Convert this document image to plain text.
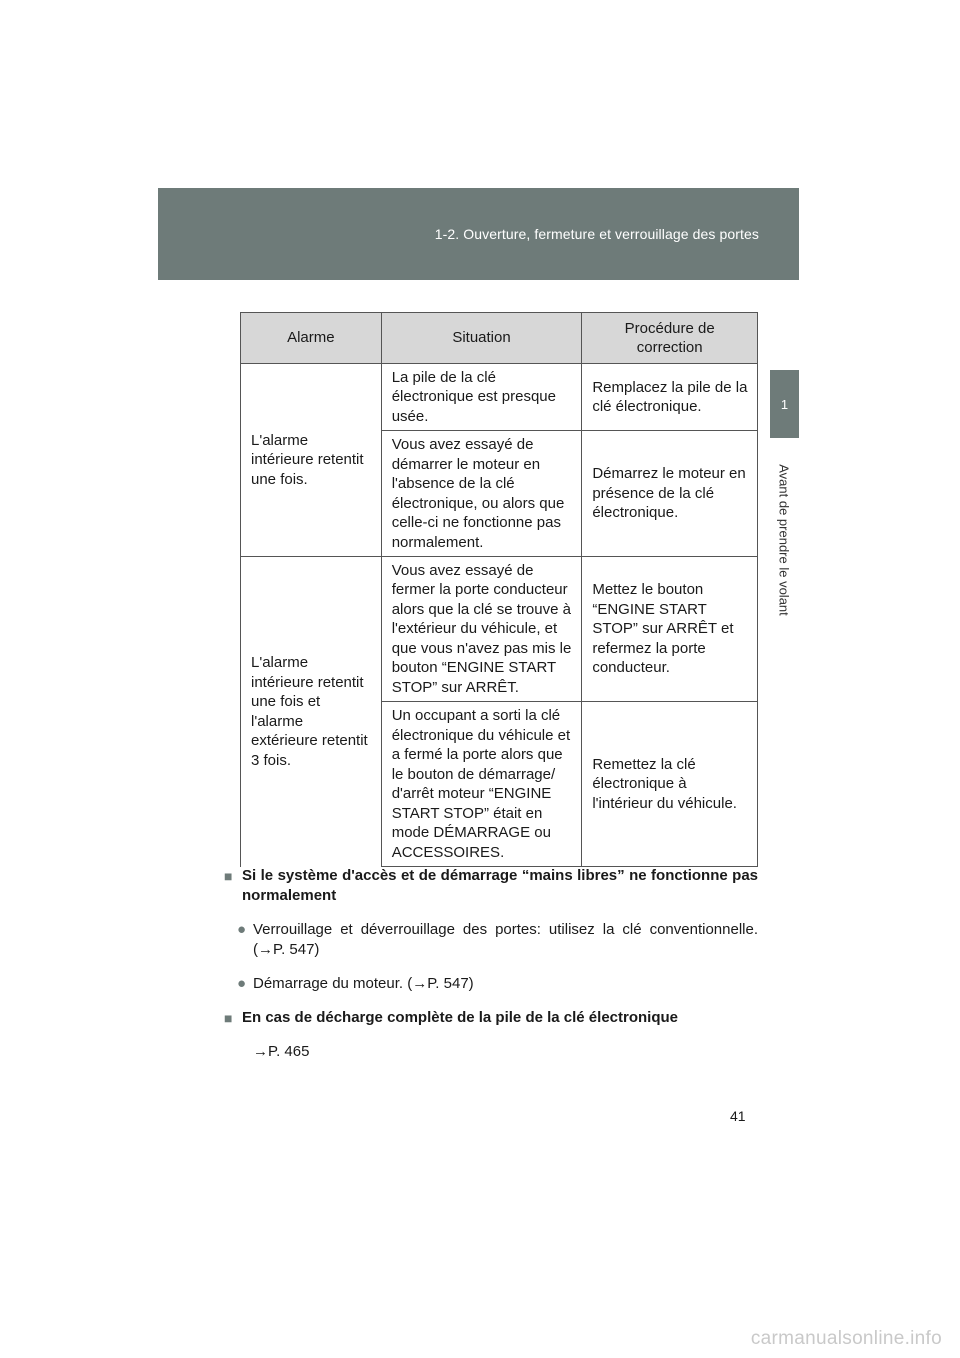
1-2. Ouverture, fermeture et verrouillage des portes
1
Avant de prendre le volant
Alarme	Situation	Procédure de correction
L'alarme intérieure retentit une fois.	La pile de la clé électronique est presque usée.	Remplacez la pile de la clé électronique.
	Vous avez essayé de démarrer le moteur en l'absence de la clé électronique, ou alors que celle-ci ne fonctionne pas normalement.	Démarrez le moteur en présence de la clé électronique.
L'alarme intérieure retentit une fois et l'alarme extérieure retentit 3 fois.	Vous avez essayé de fermer la porte conducteur alors que la clé se trouve à l'extérieur du véhicule, et que vous n'avez pas mis le bouton “ENGINE START STOP” sur ARRÊT.	Mettez le bouton “ENGINE START STOP” sur ARRÊT et refermez la porte conducteur.
	Un occupant a sorti la clé électronique du véhicule et a fermé la porte alors que le bouton de démarrage/ d'arrêt moteur “ENGINE START STOP” était en mode DÉMARRAGE ou ACCESSOIRES.	Remettez la clé électronique à l'intérieur du véhicule.
■ Si le système d'accès et de démarrage “mains libres” ne fonctionne pas normalement
● Verrouillage et déverrouillage des portes: utilisez la clé conventionnelle. (→P. 547)
● Démarrage du moteur. (→P. 547)
■ En cas de décharge complète de la pile de la clé électronique
→P. 465
41
carmanualsonline.info
